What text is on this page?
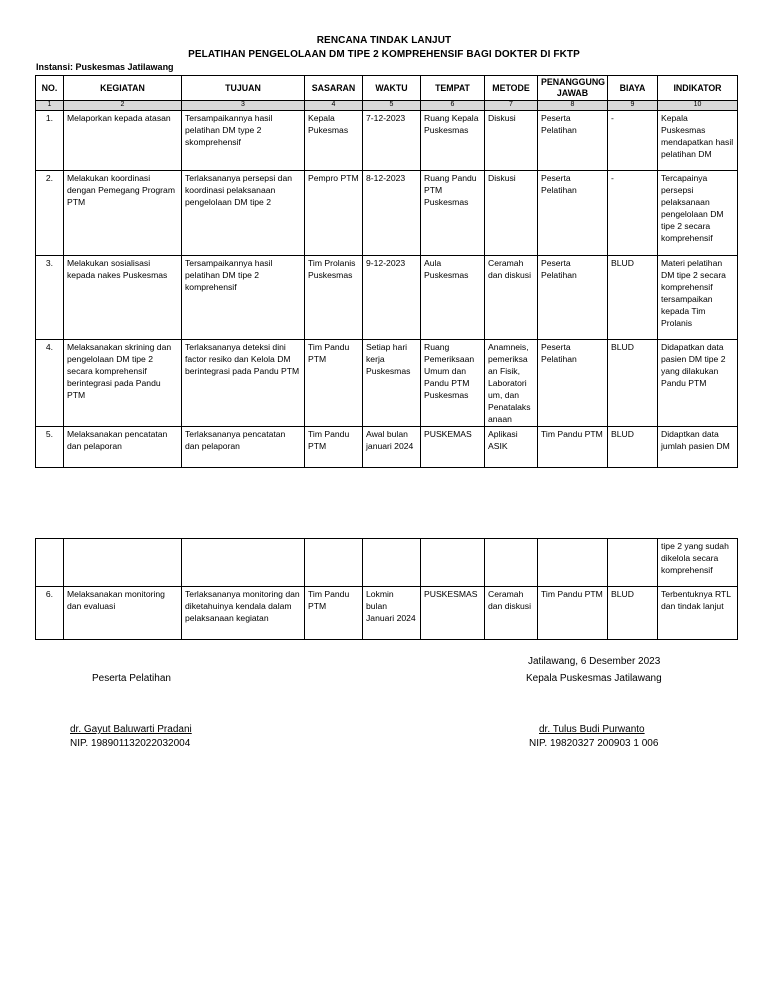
RENCANA TINDAK LANJUT
PELATIHAN PENGELOLAAN DM TIPE 2 KOMPREHENSIF BAGI DOKTER DI FKTP
Instansi: Puskesmas Jatilawang
NO.	KEGIATAN	TUJUAN	SASARAN	WAKTU	TEMPAT	METODE	PENANGGUNG JAWAB	BIAYA	INDIKATOR
1	2	3	4	5	6	7	8	9	10
1.	Melaporkan kepada atasan	Tersampaikannya hasil pelatihan DM type 2 skomprehensif	Kepala Pukesmas	7-12-2023	Ruang Kepala Puskesmas	Diskusi	Peserta Pelatihan	-	Kepala Puskesmas mendapatkan hasil pelatihan DM
2.	Melakukan koordinasi dengan Pemegang Program PTM	Terlaksananya persepsi dan koordinasi pelaksanaan pengelolaan DM tipe 2	Pempro PTM	8-12-2023	Ruang Pandu PTM Puskesmas	Diskusi	Peserta Pelatihan	-	Tercapainya persepsi pelaksanaan pengelolaan DM tipe 2 secara komprehensif
3.	Melakukan sosialisasi kepada nakes Puskesmas	Tersampaikannya hasil pelatihan DM tipe 2 komprehensif	Tim Prolanis Puskesmas	9-12-2023	Aula Puskesmas	Ceramah dan diskusi	Peserta Pelatihan	BLUD	Materi pelatihan DM tipe 2 secara komprehensif tersampaikan kepada Tim Prolanis
4.	Melaksanakan skrining dan pengelolaan DM tipe 2 secara komprehensif berintegrasi pada Pandu PTM	Terlaksananya deteksi dini factor resiko dan Kelola DM berintegrasi pada Pandu PTM	Tim Pandu PTM	Setiap hari kerja Puskesmas	Ruang Pemeriksaan Umum dan Pandu PTM Puskesmas	Anamneis, pemeriksa an Fisik, Laboratori um, dan Penatalaks anaan	Peserta Pelatihan	BLUD	Didapatkan data pasien DM tipe 2 yang dilakukan Pandu PTM
5.	Melaksanakan pencatatan dan pelaporan	Terlaksananya pencatatan dan pelaporan	Tim Pandu PTM	Awal bulan januari 2024	PUSKEMAS	Aplikasi ASIK	Tim Pandu PTM	BLUD	Didaptkan data jumlah pasien DM
									tipe 2 yang sudah dikelola secara komprehensif
6.	Melaksanakan monitoring dan evaluasi	Terlaksananya monitoring dan diketahuinya kendala dalam pelaksanaan kegiatan	Tim Pandu PTM	Lokmin bulan Januari 2024	PUSKESMAS	Ceramah dan diskusi	Tim Pandu PTM	BLUD	Terbentuknya RTL dan tindak lanjut
Jatilawang, 6 Desember 2023
Peserta Pelatihan	Kepala Puskesmas Jatilawang
dr. Gayut Baluwarti Pradani
NIP. 198901132022032004
dr. Tulus Budi Purwanto
NIP. 19820327 200903 1 006
